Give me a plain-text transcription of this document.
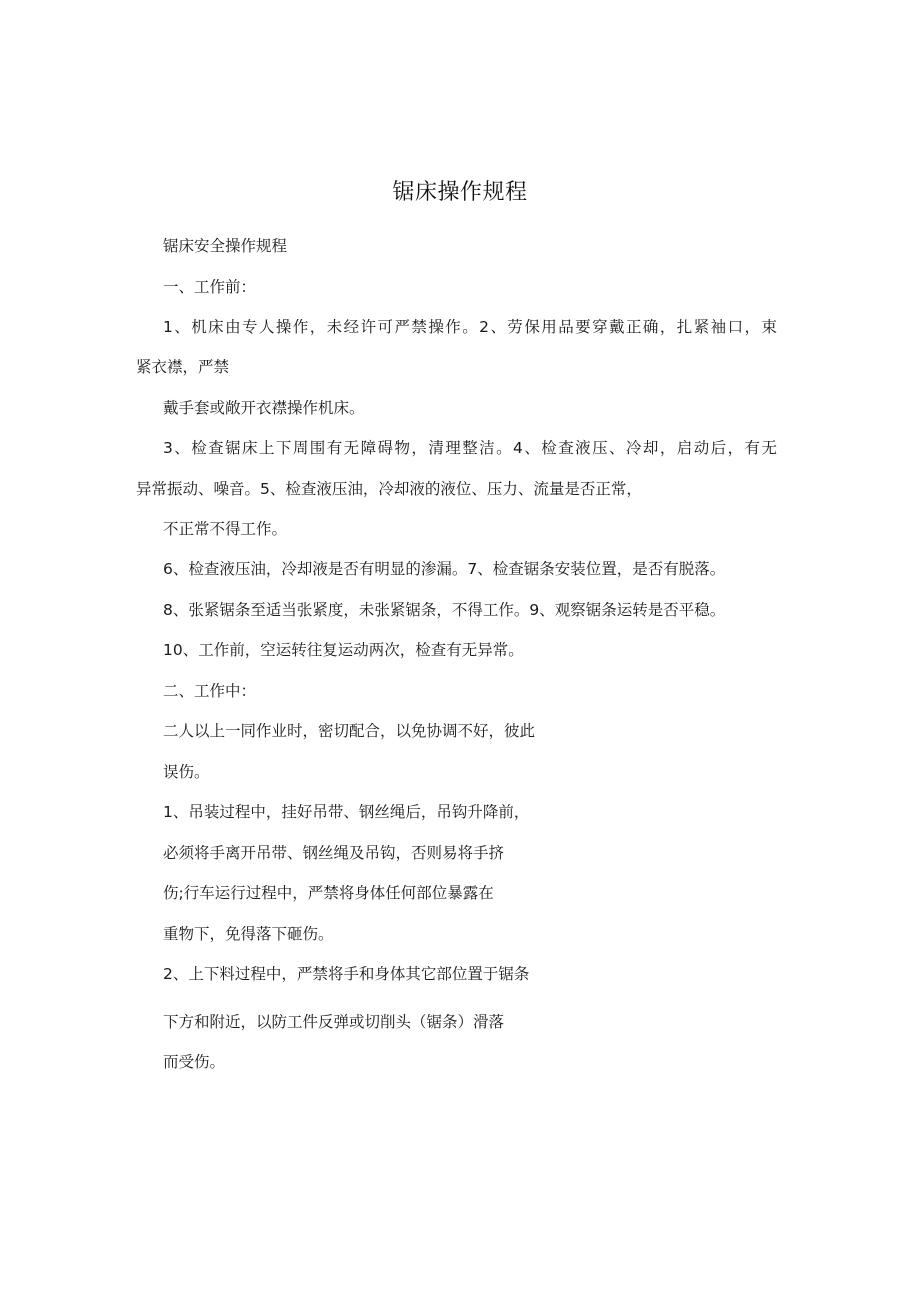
锯床操作规程
锯床安全操作规程
一、工作前：
1、机床由专人操作，未经许可严禁操作。2、劳保用品要穿戴正确，扎紧袖口，束
紧衣襟，严禁
戴手套或敞开衣襟操作机床。
3、检查锯床上下周围有无障碍物，清理整洁。4、检查液压、冷却，启动后，有无
异常振动、噪音。5、检查液压油，冷却液的液位、压力、流量是否正常，
不正常不得工作。
6、检查液压油，冷却液是否有明显的渗漏。7、检查锯条安装位置，是否有脱落。
8、张紧锯条至适当张紧度，未张紧锯条，不得工作。9、观察锯条运转是否平稳。
10、工作前，空运转往复运动两次，检查有无异常。
二、工作中：
二人以上一同作业时，密切配合，以免协调不好，彼此
误伤。
1、吊装过程中，挂好吊带、钢丝绳后，吊钩升降前，
必须将手离开吊带、钢丝绳及吊钩，否则易将手挤
伤;行车运行过程中，严禁将身体任何部位暴露在
重物下，免得落下砸伤。
2、上下料过程中，严禁将手和身体其它部位置于锯条
下方和附近，以防工件反弹或切削头（锯条）滑落
而受伤。
